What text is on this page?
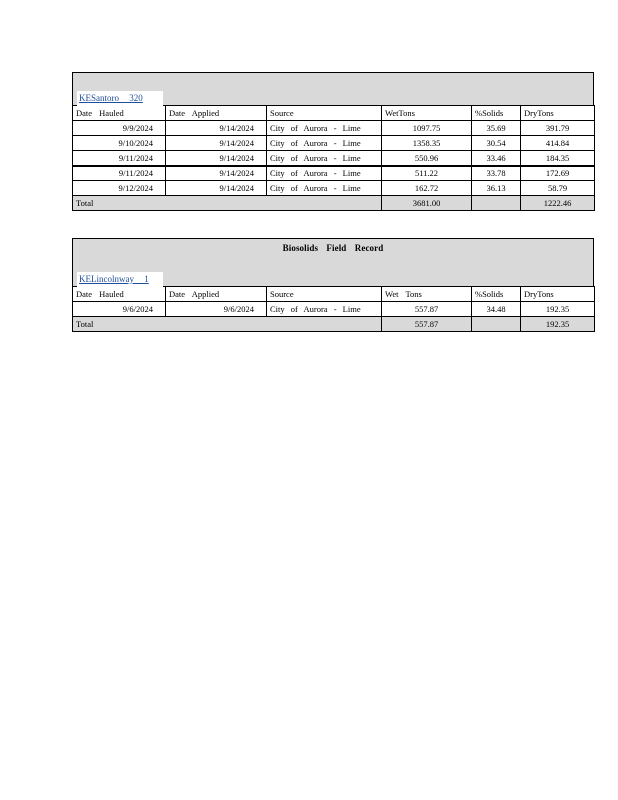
KESantoro 320
Date Hauled	Date Applied	Source	WetTons	%Solids	DryTons
9/9/2024	9/14/2024	City of Aurora - Lime	1097.75	35.69	391.79
9/10/2024	9/14/2024	City of Aurora - Lime	1358.35	30.54	414.84
9/11/2024	9/14/2024	City of Aurora - Lime	550.96	33.46	184.35
9/11/2024	9/14/2024	City of Aurora - Lime	511.22	33.78	172.69
9/12/2024	9/14/2024	City of Aurora - Lime	162.72	36.13	58.79
Total			3681.00		1222.46
Biosolids Field Record
KELincolnway 1
Date Hauled	Date Applied	Source	Wet Tons	%Solids	DryTons
9/6/2024	9/6/2024	City of Aurora - Lime	557.87	34.48	192.35
Total			557.87		192.35
